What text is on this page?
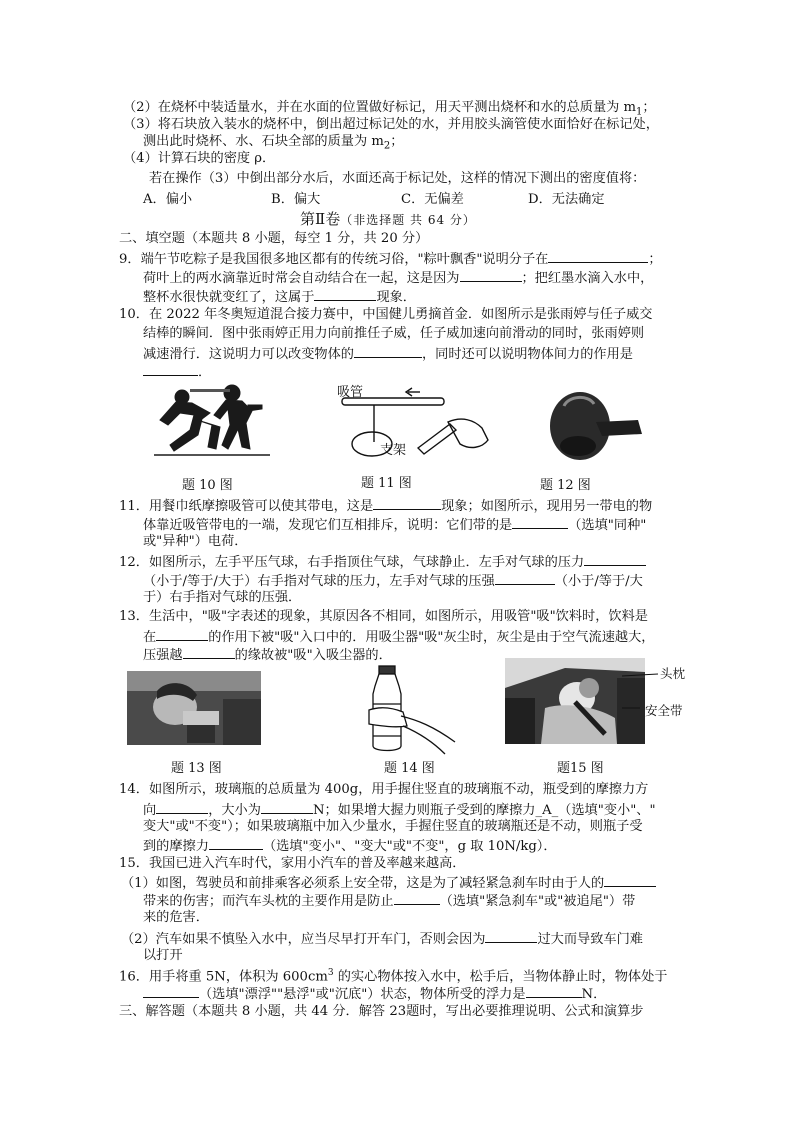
（2）在烧杯中装适量水，并在水面的位置做好标记，用天平测出烧杯和水的总质量为 $m_1$；
（3）将石块放入装水的烧杯中，倒出超过标记处的水，并用胶头滴管使水面恰好在标记处，
测出此时烧杯、水、石块全部的质量为 $m_2$；
（4）计算石块的密度 ρ．
若在操作（3）中倒出部分水后，水面还高于标记处，这样的情况下测出的密度值将：
A．偏小	B．偏大	C．无偏差	D．无法确定
第Ⅱ卷（非选择题 共 64 分）
二、填空题（本题共 8 小题，每空 1 分，共 20 分）
9．端午节吃粽子是我国很多地区都有的传统习俗，"粽叶飘香"说明分子在	；
荷叶上的两水滴靠近时常会自动结合在一起，这是因为	；把红墨水滴入水中，
整杯水很快就变红了，这属于	现象．
10．在 2022 年冬奥短道混合接力赛中，中国健儿勇摘首金．如图所示是张雨婷与任子威交
结棒的瞬间．图中张雨婷正用力向前推任子威，任子威加速向前滑动的同时，张雨婷则
减速滑行．这说明力可以改变物体的	，同时还可以说明物体间力的作用是
．
吸管
支架
题 10 图	题 11 图	题 12 图
11．用餐巾纸摩擦吸管可以使其带电，这是	现象；如图所示，现用另一带电的物
体靠近吸管带电的一端，发现它们互相排斥，说明：它们带的是	（选填"同种"
或"异种"）电荷．
12．如图所示，左手平压气球，右手指顶住气球，气球静止．左手对气球的压力
（小于/等于/大于）右手指对气球的压力，左手对气球的压强	（小于/等于/大
于）右手指对气球的压强．
13．生活中，"吸"字表述的现象，其原因各不相同，如图所示，用吸管"吸"饮料时，饮料是
在	的作用下被"吸"入口中的．用吸尘器"吸"灰尘时，灰尘是由于空气流速越大，
压强越	的缘故被"吸"入吸尘器的．
头枕
安全带
题 13 图	题 14 图	题15 图
14．如图所示，玻璃瓶的总质量为 400g，用手握住竖直的玻璃瓶不动，瓶受到的摩擦力方
向	，大小为	N；如果增大握力则瓶子受到的摩擦力_A_（选填"变小"、"
变大"或"不变"）；如果玻璃瓶中加入少量水，手握住竖直的玻璃瓶还是不动，则瓶子受
到的摩擦力	（选填"变小"、"变大"或"不变"，g 取 10N/kg）．
15．我国已进入汽车时代，家用小汽车的普及率越来越高．
（1）如图，驾驶员和前排乘客必须系上安全带，这是为了减轻紧急刹车时由于人的
带来的伤害；而汽车头枕的主要作用是防止	（选填"紧急刹车"或"被追尾"）带
来的危害．
（2）汽车如果不慎坠入水中，应当尽早打开车门，否则会因为	过大而导致车门难
以打开
16．用手将重 5N，体积为 $600cm^3$ 的实心物体按入水中，松手后，当物体静止时，物体处于
（选填"漂浮""悬浮"或"沉底"）状态，物体所受的浮力是	N．
三、解答题（本题共 8 小题，共 44 分．解答 23题时，写出必要推理说明、公式和演算步
